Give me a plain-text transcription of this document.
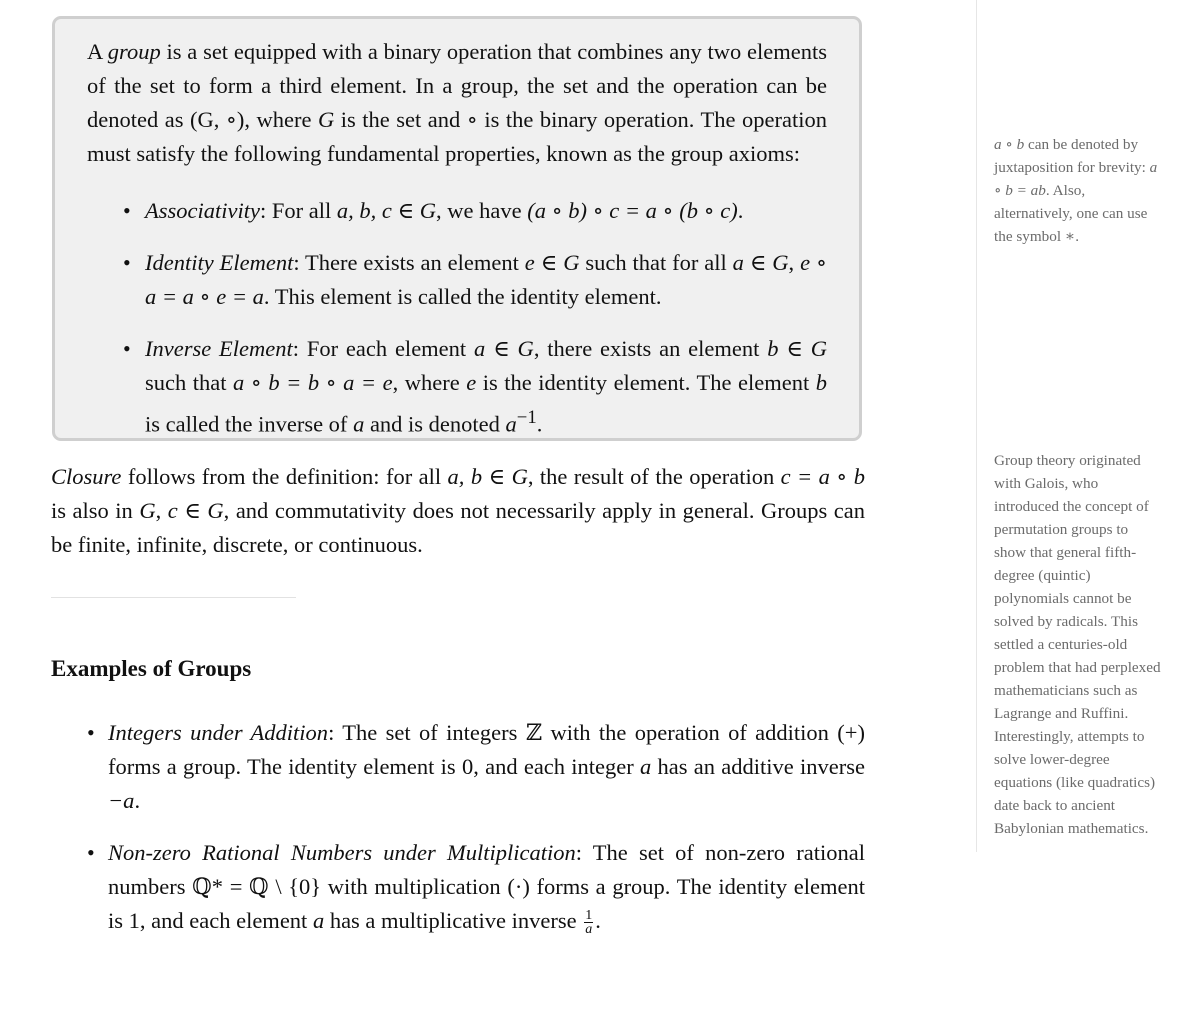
A group is a set equipped with a binary operation that combines any two elements of the set to form a third element. In a group, the set and the operation can be denoted as (G, ∘), where G is the set and ∘ is the binary operation. The operation must satisfy the following fundamental properties, known as the group axioms:

• Associativity: For all a, b, c ∈ G, we have (a ∘ b) ∘ c = a ∘ (b ∘ c).
• Identity Element: There exists an element e ∈ G such that for all a ∈ G, e ∘ a = a ∘ e = a. This element is called the identity element.
• Inverse Element: For each element a ∈ G, there exists an element b ∈ G such that a ∘ b = b ∘ a = e, where e is the identity element. The element b is called the inverse of a and is denoted $a^{-1}$.

Closure follows from the definition: for all a, b ∈ G, the result of the operation c = a ∘ b is also in G, c ∈ G, and commutativity does not necessarily apply in general. Groups can be finite, infinite, discrete, or continuous.

Examples of Groups
• Integers under Addition: The set of integers ℤ with the operation of addition (+) forms a group. The identity element is 0, and each integer a has an additive inverse −a.
• Non-zero Rational Numbers under Multiplication: The set of non-zero rational numbers ℚ* = ℚ \ {0} with multiplication (·) forms a group. The identity element is 1, and each element a has a multiplicative inverse $\frac{1}{a}$ .

a ∘ b can be denoted by juxtaposition for brevity: a ∘ b = ab. Also, alternatively, one can use the symbol ∗.

Group theory originated with Galois, who introduced the concept of permutation groups to show that general fifth-degree (quintic) polynomials cannot be solved by radicals. This settled a centuries-old problem that had perplexed mathematicians such as Lagrange and Ruffini. Interestingly, attempts to solve lower-degree equations (like quadratics) date back to ancient Babylonian mathematics.
